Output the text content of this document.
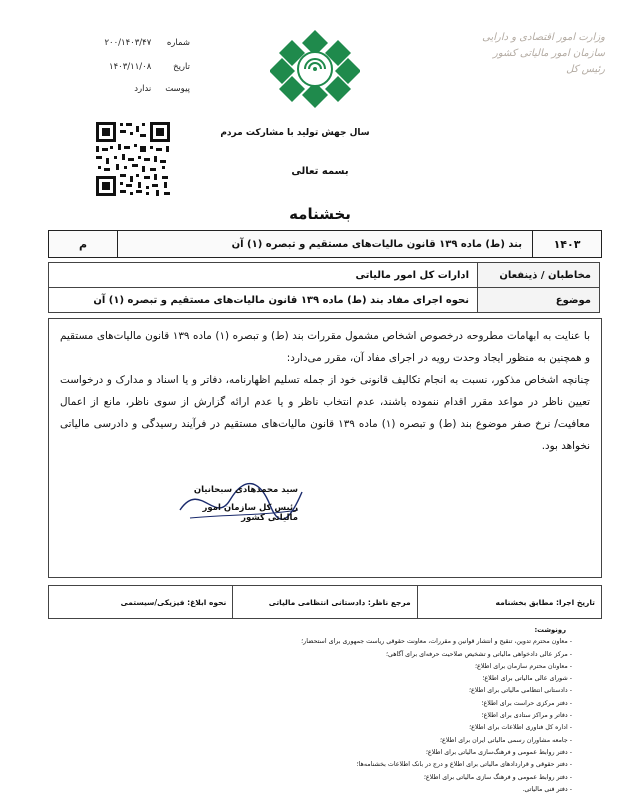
شماره ۲۰۰/۱۴۰۳/۴۷
تاریخ ۱۴۰۳/۱۱/۰۸
پیوست ندارد
وزارت امور اقتصادی و دارایی
سازمان امور مالیاتی کشور
رئیس کل
سال جهش تولید با مشارکت مردم
بسمه تعالی
بخشنامه
۱۴۰۳
بند (ط) ماده ۱۳۹ قانون مالیات‌های مستقیم و تبصره (۱) آن
م
مخاطبان / ذینفعان	ادارات کل امور مالیاتی
موضوع	نحوه اجرای مفاد بند (ط) ماده ۱۳۹ قانون مالیات‌های مستقیم و تبصره (۱) آن

با عنایت به ابهامات مطروحه درخصوص اشخاص مشمول مقررات بند (ط) و تبصره (۱) ماده ۱۳۹ قانون مالیات‌های مستقیم و همچنین به منظور ایجاد وحدت رویه در اجرای مفاد آن، مقرر می‌دارد:

چنانچه اشخاص مذکور، نسبت به انجام تکالیف قانونی خود از جمله تسلیم اظهارنامه، دفاتر و یا اسناد و مدارک و درخواست تعیین ناظر در مواعد مقرر اقدام ننموده باشند، عدم انتخاب ناظر و یا عدم ارائه گزارش از سوی ناظر، مانع از اعمال معافیت/ نرخ صفر موضوع بند (ط) و تبصره (۱) ماده ۱۳۹ قانون مالیات‌های مستقیم در فرآیند رسیدگی و دادرسی مالیاتی نخواهد بود.

سید محمدهادی سبحانیان
رئیس کل سازمان امور مالیاتی کشور
تاریخ اجرا: مطابق بخشنامه
مرجع ناظر: دادستانی انتظامی مالیاتی
نحوه ابلاغ: فیزیکی/سیستمی
رونوشت:
- معاون محترم تدوین، تنقیح و انتشار قوانین و مقررات، معاونت حقوقی ریاست جمهوری برای استحضار؛
- مرکز عالی دادخواهی مالیاتی و تشخیص صلاحیت حرفه‌ای برای آگاهی؛
- معاونان محترم سازمان برای اطلاع؛
- شورای عالی مالیاتی برای اطلاع؛
- دادستانی انتظامی مالیاتی برای اطلاع؛
- دفتر مرکزی حراست برای اطلاع؛
- دفاتر و مراکز ستادی برای اطلاع؛
- اداره کل فناوری اطلاعات برای اطلاع؛
- جامعه مشاوران رسمی مالیاتی ایران برای اطلاع؛
- دفتر روابط عمومی و فرهنگ‌سازی مالیاتی برای اطلاع؛
- دفتر حقوقی و قراردادهای مالیاتی برای اطلاع و درج در بانک اطلاعات بخشنامه‌ها؛
- دفتر روابط عمومی و فرهنگ سازی مالیاتی برای اطلاع؛
- دفتر فنی مالیاتی.
